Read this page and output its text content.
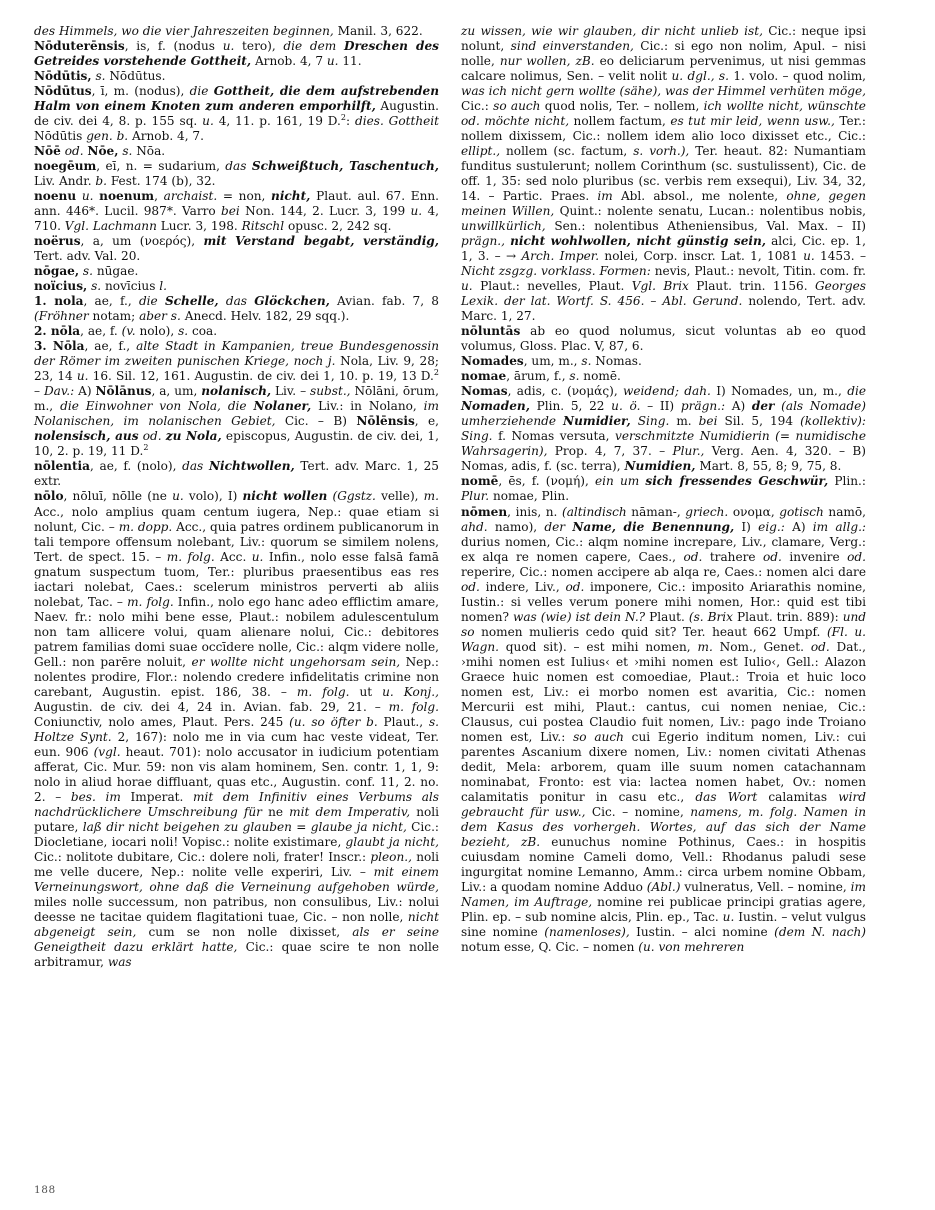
des Himmels, wo die vier Jahreszeiten beginnen, Manil. 3, 622.

Nōduterēnsis, is, f. (nodus u. tero), die dem Dreschen des Getreides vorstehende Gottheit, Arnob. 4, 7 u. 11.

Nōdūtis, s. Nōdūtus.

Nōdūtus, ī, m. (nodus), die Gottheit, die dem aufstrebenden Halm von einem Knoten zum anderen emporhilft, Augustin. de civ. dei 4, 8. p. 155 sq. u. 4, 11. p. 161, 19 D.$^2$: dies. Gottheit Nōdūtis gen. b. Arnob. 4, 7.

Nōē od. Nōe, s. Nōa.

noegēum, eī, n. = sudarium, das Schweißtuch, Taschentuch, Liv. Andr. b. Fest. 174 (b), 32.

noenu u. noenum, archaist. = non, nicht, Plaut. aul. 67. Enn. ann. 446*. Lucil. 987*. Varro bei Non. 144, 2. Lucr. 3, 199 u. 4, 710. Vgl. Lachmann Lucr. 3, 198. Ritschl opusc. 2, 242 sq.

noërus, a, um (νοερός), mit Verstand begabt, verständig, Tert. adv. Val. 20.

nōgae, s. nūgae.

noïcius, s. novīcius l.

1. nola, ae, f., die Schelle, das Glöckchen, Avian. fab. 7, 8 (Fröhner notam; aber s. Anecd. Helv. 182, 29 sqq.).

2. nōla, ae, f. (v. nolo), s. coa.

3. Nōla, ae, f., alte Stadt in Kampanien, treue Bundesgenossin der Römer im zweiten punischen Kriege, noch j. Nola, Liv. 9, 28; 23, 14 u. 16. Sil. 12, 161. Augustin. de civ. dei 1, 10. p. 19, 13 D.$^2$ – Dav.: A) Nōlānus, a, um, nolanisch, Liv. – subst., Nōlāni, ōrum, m., die Einwohner von Nola, die Nolaner, Liv.: in Nolano, im Nolanischen, im nolanischen Gebiet, Cic. – B) Nōlēnsis, e, nolensisch, aus od. zu Nola, episcopus, Augustin. de civ. dei, 1, 10, 2. p. 19, 11 D.$^2$

nōlentia, ae, f. (nolo), das Nichtwollen, Tert. adv. Marc. 1, 25 extr.

nōlo, nōluī, nōlle (ne u. volo), I) nicht wollen (Ggstz. velle), m. Acc., nolo amplius quam centum iugera, Nep.: quae etiam si nolunt, Cic. – m. dopp. Acc., quia patres ordinem publicanorum in tali tempore offensum nolebant, Liv.: quorum se similem nolens, Tert. de spect. 15. – m. folg. Acc. u. Infin., nolo esse falsā famā gnatum suspectum tuom, Ter.: pluribus praesentibus eas res iactari nolebat, Caes.: scelerum ministros perverti ab aliis nolebat, Tac. – m. folg. Infin., nolo ego hanc adeo efflictim amare, Naev. fr.: nolo mihi bene esse, Plaut.: nobilem adulescentulum non tam allicere volui, quam alienare nolui, Cic.: debitores patrem familias domi suae occīdere nolle, Cic.: alqm videre nolle, Gell.: non parēre noluit, er wollte nicht ungehorsam sein, Nep.: nolentes prodire, Flor.: nolendo credere infidelitatis crimine non carebant, Augustin. epist. 186, 38. – m. folg. ut u. Konj., Augustin. de civ. dei 4, 24 in. Avian. fab. 29, 21. – m. folg. Coniunctiv, nolo ames, Plaut. Pers. 245 (u. so öfter b. Plaut., s. Holtze Synt. 2, 167): nolo me in via cum hac veste videat, Ter. eun. 906 (vgl. heaut. 701): nolo accusator in iudicium potentiam afferat, Cic. Mur. 59: non vis alam hominem, Sen. contr. 1, 1, 9: nolo in aliud horae diffluant, quas etc., Augustin. conf. 11, 2. no. 2. – bes. im Imperat. mit dem Infinitiv eines Verbums als nachdrücklichere Umschreibung für ne mit dem Imperativ, noli putare, laß dir nicht beigehen zu glauben = glaube ja nicht, Cic.: Diocletiane, iocari noli! Vopisc.: nolite existimare, glaubt ja nicht, Cic.: nolitote dubitare, Cic.: dolere noli, frater! Inscr.: pleon., noli me velle ducere, Nep.: nolite velle experiri, Liv. – mit einem Verneinungswort, ohne daß die Verneinung aufgehoben würde, miles nolle successum, non patribus, non consulibus, Liv.: nolui deesse ne tacitae quidem flagitationi tuae, Cic. – non nolle, nicht abgeneigt sein, cum se non nolle dixisset, als er seine Geneigtheit dazu erklärt hatte, Cic.: quae scire te non nolle arbitramur, was

zu wissen, wie wir glauben, dir nicht unlieb ist, Cic.: neque ipsi nolunt, sind einverstanden, Cic.: si ego non nolim, Apul. – nisi nolle, nur wollen, zB. eo deliciarum pervenimus, ut nisi gemmas calcare nolimus, Sen. – velit nolit u. dgl., s. 1. volo. – quod nolim, was ich nicht gern wollte (sähe), was der Himmel verhüten möge, Cic.: so auch quod nolis, Ter. – nollem, ich wollte nicht, wünschte od. möchte nicht, nollem factum, es tut mir leid, wenn usw., Ter.: nollem dixissem, Cic.: nollem idem alio loco dixisset etc., Cic.: ellipt., nollem (sc. factum, s. vorh.), Ter. heaut. 82: Numantiam funditus sustulerunt; nollem Corinthum (sc. sustulissent), Cic. de off. 1, 35: sed nolo pluribus (sc. verbis rem exsequi), Liv. 34, 32, 14. – Partic. Praes. im Abl. absol., me nolente, ohne, gegen meinen Willen, Quint.: nolente senatu, Lucan.: nolentibus nobis, unwillkürlich, Sen.: nolentibus Atheniensibus, Val. Max. – II) prägn., nicht wohlwollen, nicht günstig sein, alci, Cic. ep. 1, 1, 3. – → Arch. Imper. nolei, Corp. inscr. Lat. 1, 1081 u. 1453. – Nicht zsgzg. vorklass. Formen: nevis, Plaut.: nevolt, Titin. com. fr. u. Plaut.: nevelles, Plaut. Vgl. Brix Plaut. trin. 1156. Georges Lexik. der lat. Wortf. S. 456. – Abl. Gerund. nolendo, Tert. adv. Marc. 1, 27.

nōluntās ab eo quod nolumus, sicut voluntas ab eo quod volumus, Gloss. Plac. V, 87, 6.

Nomades, um, m., s. Nomas.

nomae, ārum, f., s. nomē.

Nomas, adis, c. (νομάς), weidend; dah. I) Nomades, un, m., die Nomaden, Plin. 5, 22 u. ö. – II) prägn.: A) der (als Nomade) umherziehende Numidier, Sing. m. bei Sil. 5, 194 (kollektiv): Sing. f. Nomas versuta, verschmitzte Numidierin (= numidische Wahrsagerin), Prop. 4, 7, 37. – Plur., Verg. Aen. 4, 320. – B) Nomas, adis, f. (sc. terra), Numidien, Mart. 8, 55, 8; 9, 75, 8.

nomē, ēs, f. (νομή), ein um sich fressendes Geschwür, Plin.: Plur. nomae, Plin.

nōmen, inis, n. (altindisch nāman-, griech. ονομα, gotisch namō, ahd. namo), der Name, die Benennung, I) eig.: A) im allg.: durius nomen, Cic.: alqm nomine increpare, Liv., clamare, Verg.: ex alqa re nomen capere, Caes., od. trahere od. invenire od. reperire, Cic.: nomen accipere ab alqa re, Caes.: nomen alci dare od. indere, Liv., od. imponere, Cic.: imposito Ariarathis nomine, Iustin.: si velles verum ponere mihi nomen, Hor.: quid est tibi nomen? was (wie) ist dein N.? Plaut. (s. Brix Plaut. trin. 889): und so nomen mulieris cedo quid sit? Ter. heaut 662 Umpf. (Fl. u. Wagn. quod sit). – est mihi nomen, m. Nom., Genet. od. Dat., ›mihi nomen est Iulius‹ et ›mihi nomen est Iulio‹, Gell.: Alazon Graece huic nomen est comoediae, Plaut.: Troia et huic loco nomen est, Liv.: ei morbo nomen est avaritia, Cic.: nomen Mercurii est mihi, Plaut.: cantus, cui nomen neniae, Cic.: Clausus, cui postea Claudio fuit nomen, Liv.: pago inde Troiano nomen est, Liv.: so auch cui Egerio inditum nomen, Liv.: cui parentes Ascanium dixere nomen, Liv.: nomen civitati Athenas dedit, Mela: arborem, quam ille suum nomen catachannam nominabat, Fronto: est via: lactea nomen habet, Ov.: nomen calamitatis ponitur in casu etc., das Wort calamitas wird gebraucht für usw., Cic. – nomine, namens, m. folg. Namen in dem Kasus des vorhergeh. Wortes, auf das sich der Name bezieht, zB. eunuchus nomine Pothinus, Caes.: in hospitis cuiusdam nomine Cameli domo, Vell.: Rhodanus paludi sese ingurgitat nomine Lemanno, Amm.: circa urbem nomine Obbam, Liv.: a quodam nomine Adduo (Abl.) vulneratus, Vell. – nomine, im Namen, im Auftrage, nomine rei publicae principi gratias agere, Plin. ep. – sub nomine alcis, Plin. ep., Tac. u. Iustin. – velut vulgus sine nomine (namenloses), Iustin. – alci nomine (dem N. nach) notum esse, Q. Cic. – nomen (u. von mehreren

188
